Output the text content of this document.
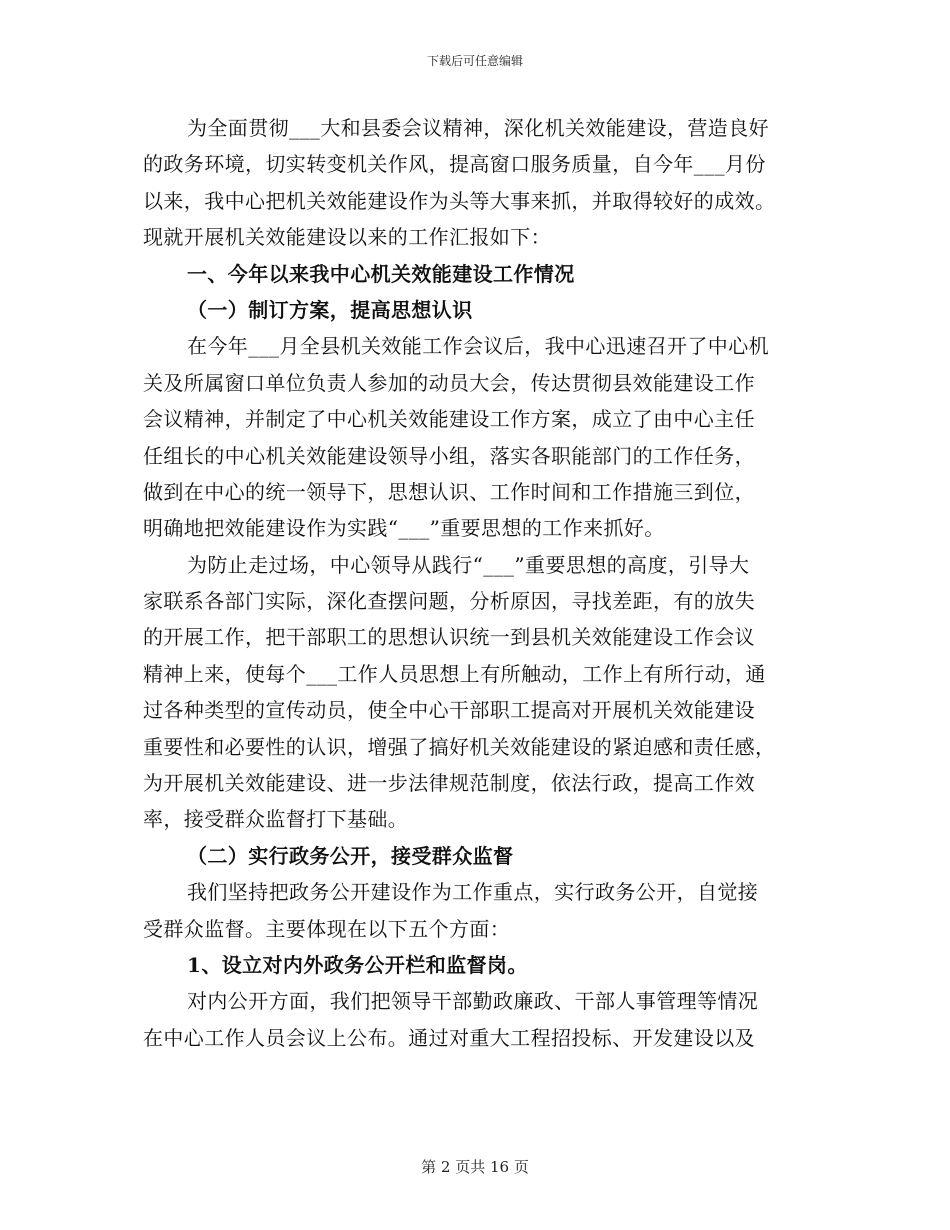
下载后可任意编辑
为全面贯彻___大和县委会议精神，深化机关效能建设，营造良好
的政务环境，切实转变机关作风，提高窗口服务质量，自今年___月份
以来，我中心把机关效能建设作为头等大事来抓，并取得较好的成效。
现就开展机关效能建设以来的工作汇报如下：
一、今年以来我中心机关效能建设工作情况
（一）制订方案，提高思想认识
在今年___月全县机关效能工作会议后，我中心迅速召开了中心机
关及所属窗口单位负责人参加的动员大会，传达贯彻县效能建设工作
会议精神，并制定了中心机关效能建设工作方案，成立了由中心主任
任组长的中心机关效能建设领导小组，落实各职能部门的工作任务，
做到在中心的统一领导下，思想认识、工作时间和工作措施三到位，
明确地把效能建设作为实践“___”重要思想的工作来抓好。
为防止走过场，中心领导从践行“___”重要思想的高度，引导大
家联系各部门实际，深化查摆问题，分析原因，寻找差距，有的放失
的开展工作，把干部职工的思想认识统一到县机关效能建设工作会议
精神上来，使每个___工作人员思想上有所触动，工作上有所行动，通
过各种类型的宣传动员，使全中心干部职工提高对开展机关效能建设
重要性和必要性的认识，增强了搞好机关效能建设的紧迫感和责任感，
为开展机关效能建设、进一步法律规范制度，依法行政，提高工作效
率，接受群众监督打下基础。
（二）实行政务公开，接受群众监督
我们坚持把政务公开建设作为工作重点，实行政务公开，自觉接
受群众监督。主要体现在以下五个方面：
1、设立对内外政务公开栏和监督岗。
对内公开方面，我们把领导干部勤政廉政、干部人事管理等情况
在中心工作人员会议上公布。通过对重大工程招投标、开发建设以及
第 2 页共 16 页
